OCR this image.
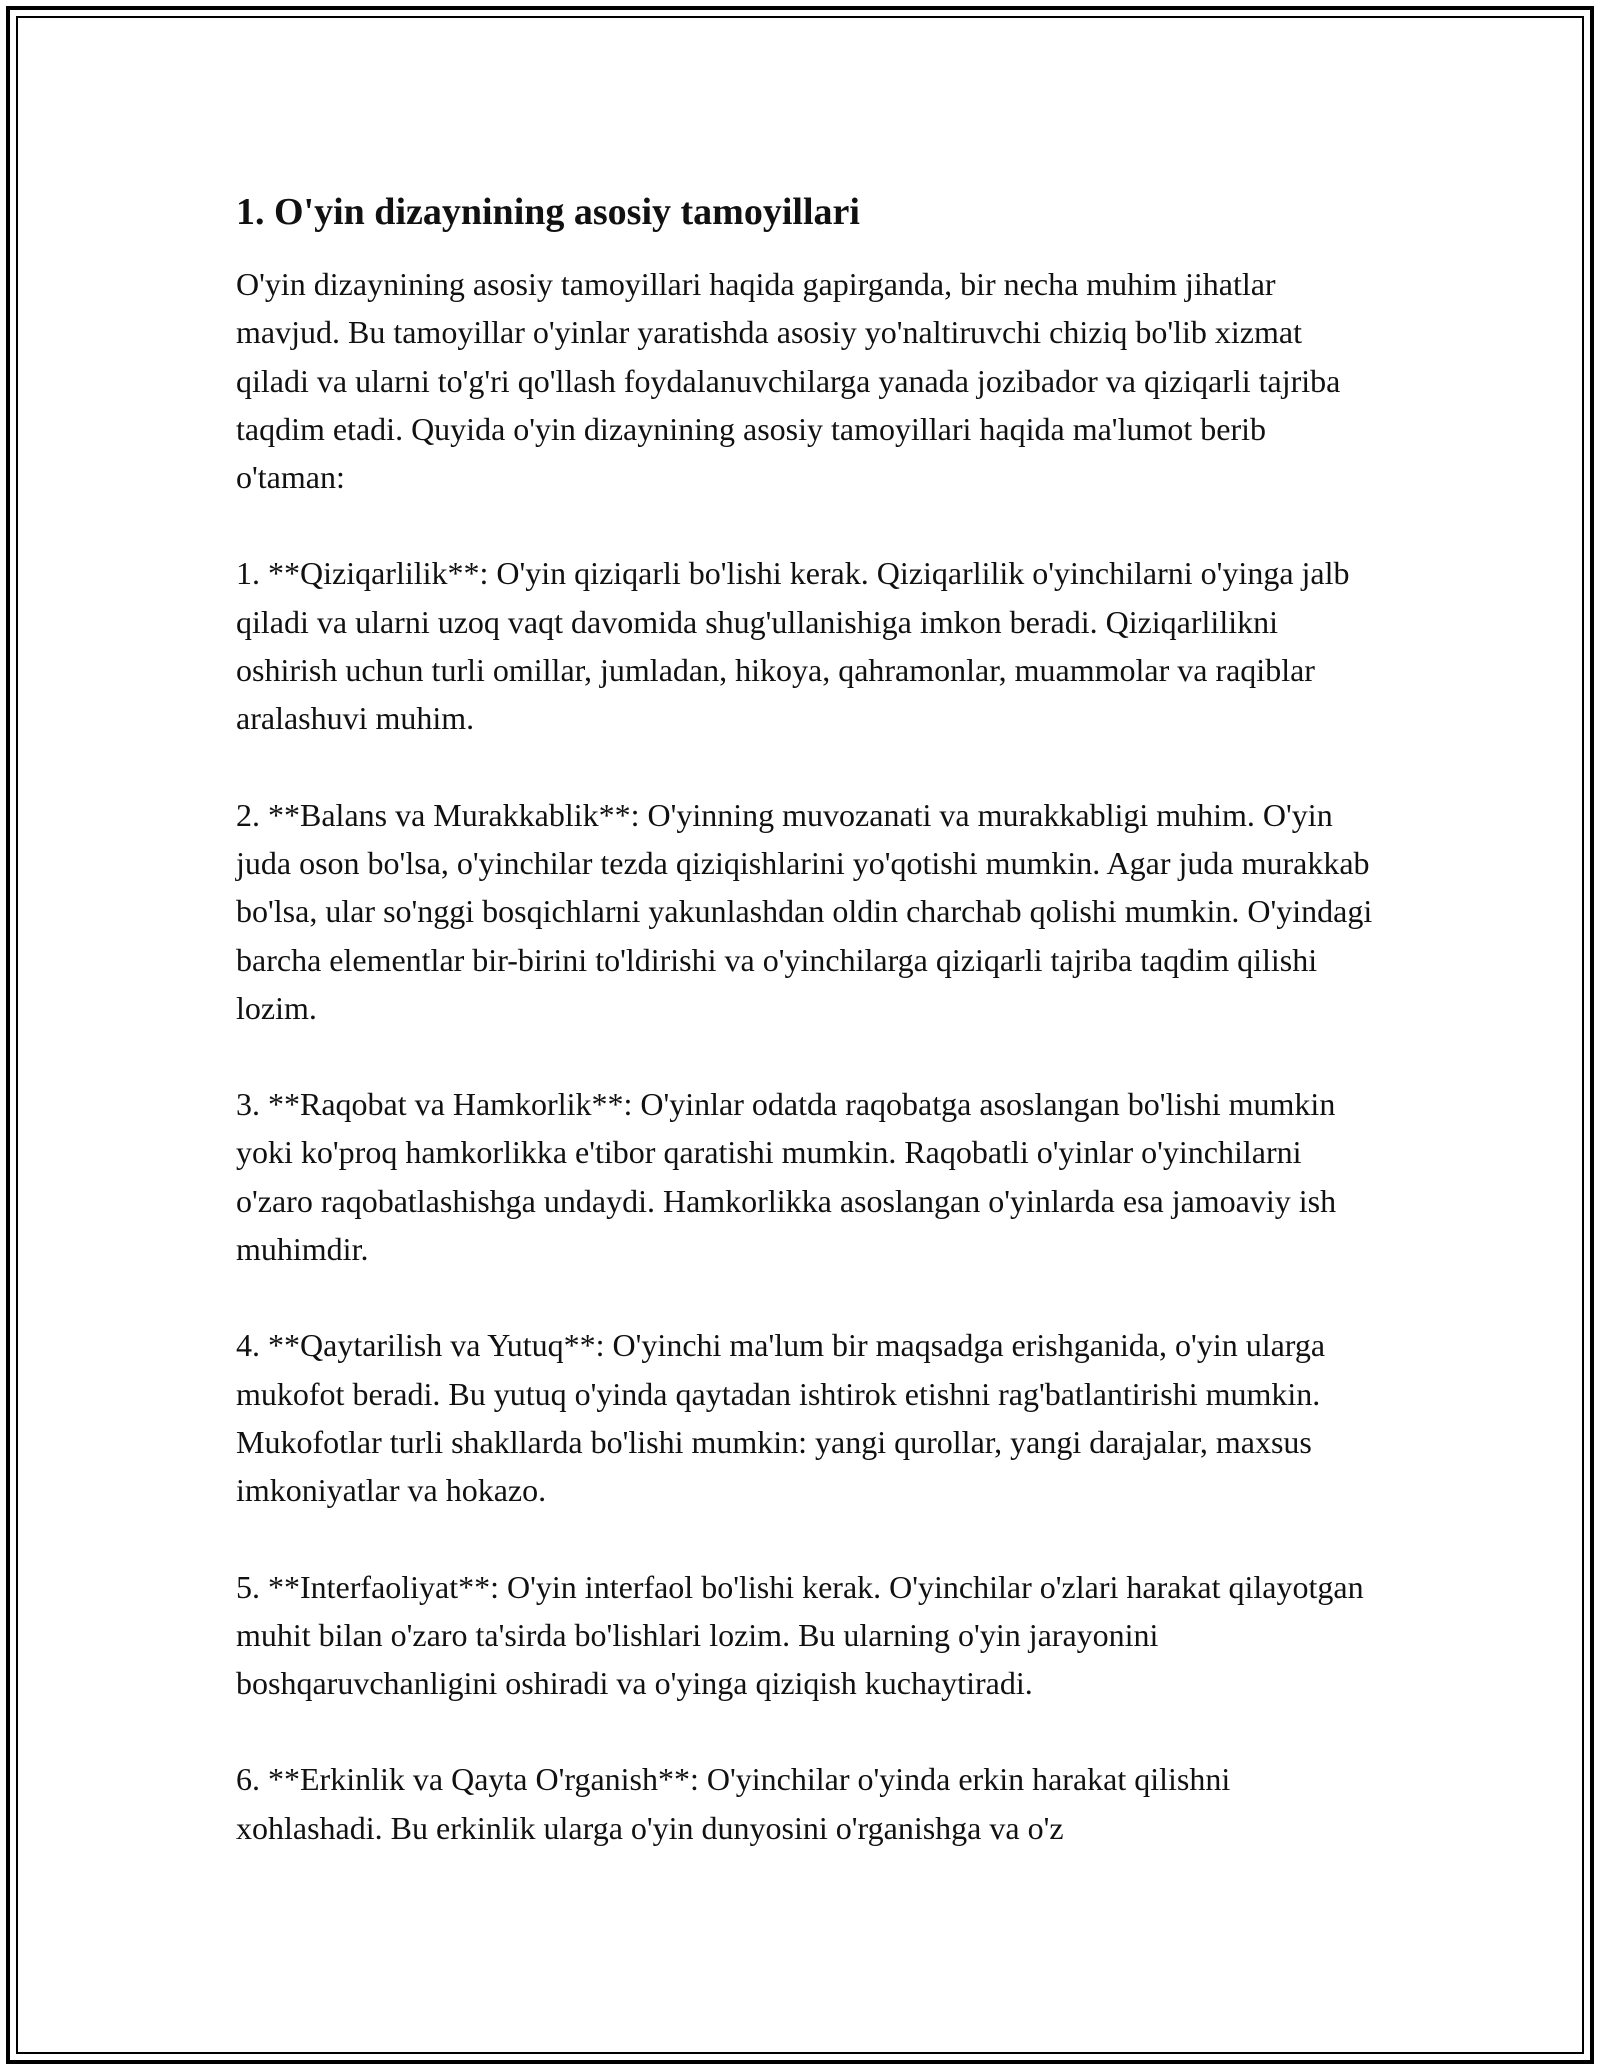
1. O'yin dizaynining asosiy tamoyillari

O'yin dizaynining asosiy tamoyillari haqida gapirganda, bir necha muhim jihatlar mavjud. Bu tamoyillar o'yinlar yaratishda asosiy yo'naltiruvchi chiziq bo'lib xizmat qiladi va ularni to'g'ri qo'llash foydalanuvchilarga yanada jozibador va qiziqarli tajriba taqdim etadi. Quyida o'yin dizaynining asosiy tamoyillari haqida ma'lumot berib o'taman:

1. **Qiziqarlilik**: O'yin qiziqarli bo'lishi kerak. Qiziqarlilik o'yinchilarni o'yinga jalb qiladi va ularni uzoq vaqt davomida shug'ullanishiga imkon beradi. Qiziqarlilikni oshirish uchun turli omillar, jumladan, hikoya, qahramonlar, muammolar va raqiblar aralashuvi muhim.

2. **Balans va Murakkablik**: O'yinning muvozanati va murakkabligi muhim. O'yin juda oson bo'lsa, o'yinchilar tezda qiziqishlarini yo'qotishi mumkin. Agar juda murakkab bo'lsa, ular so'nggi bosqichlarni yakunlashdan oldin charchab qolishi mumkin. O'yindagi barcha elementlar bir-birini to'ldirishi va o'yinchilarga qiziqarli tajriba taqdim qilishi lozim.

3. **Raqobat va Hamkorlik**: O'yinlar odatda raqobatga asoslangan bo'lishi mumkin yoki ko'proq hamkorlikka e'tibor qaratishi mumkin. Raqobatli o'yinlar o'yinchilarni o'zaro raqobatlashishga undaydi. Hamkorlikka asoslangan o'yinlarda esa jamoaviy ish muhimdir.

4. **Qaytarilish va Yutuq**: O'yinchi ma'lum bir maqsadga erishganida, o'yin ularga mukofot beradi. Bu yutuq o'yinda qaytadan ishtirok etishni rag'batlantirishi mumkin. Mukofotlar turli shakllarda bo'lishi mumkin: yangi qurollar, yangi darajalar, maxsus imkoniyatlar va hokazo.

5. **Interfaoliyat**: O'yin interfaol bo'lishi kerak. O'yinchilar o'zlari harakat qilayotgan muhit bilan o'zaro ta'sirda bo'lishlari lozim. Bu ularning o'yin jarayonini boshqaruvchanligini oshiradi va o'yinga qiziqish kuchaytiradi.

6. **Erkinlik va Qayta O'rganish**: O'yinchilar o'yinda erkin harakat qilishni xohlashadi. Bu erkinlik ularga o'yin dunyosini o'rganishga va o'z
